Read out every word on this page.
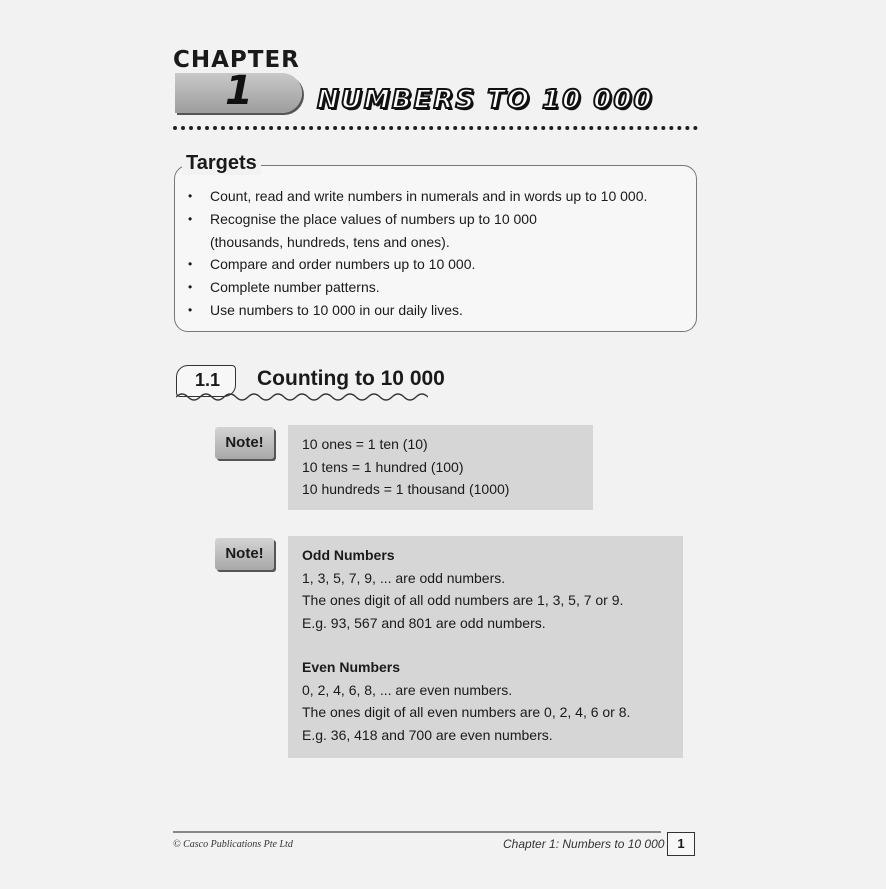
CHAPTER
1 NUMBERS TO 10 000
Targets
• Count, read and write numbers in numerals and in words up to 10 000.
• Recognise the place values of numbers up to 10 000
(thousands, hundreds, tens and ones).
• Compare and order numbers up to 10 000.
• Complete number patterns.
• Use numbers to 10 000 in our daily lives.
1.1 Counting to 10 000
Note!	10 ones = 1 ten (10)
10 tens = 1 hundred (100)
10 hundreds = 1 thousand (1000)
Note!	Odd Numbers
1, 3, 5, 7, 9, ... are odd numbers.
The ones digit of all odd numbers are 1, 3, 5, 7 or 9.
E.g. 93, 567 and 801 are odd numbers.
Even Numbers
0, 2, 4, 6, 8, ... are even numbers.
The ones digit of all even numbers are 0, 2, 4, 6 or 8.
E.g. 36, 418 and 700 are even numbers.
© Casco Publications Pte Ltd	Chapter 1: Numbers to 10 000 1
